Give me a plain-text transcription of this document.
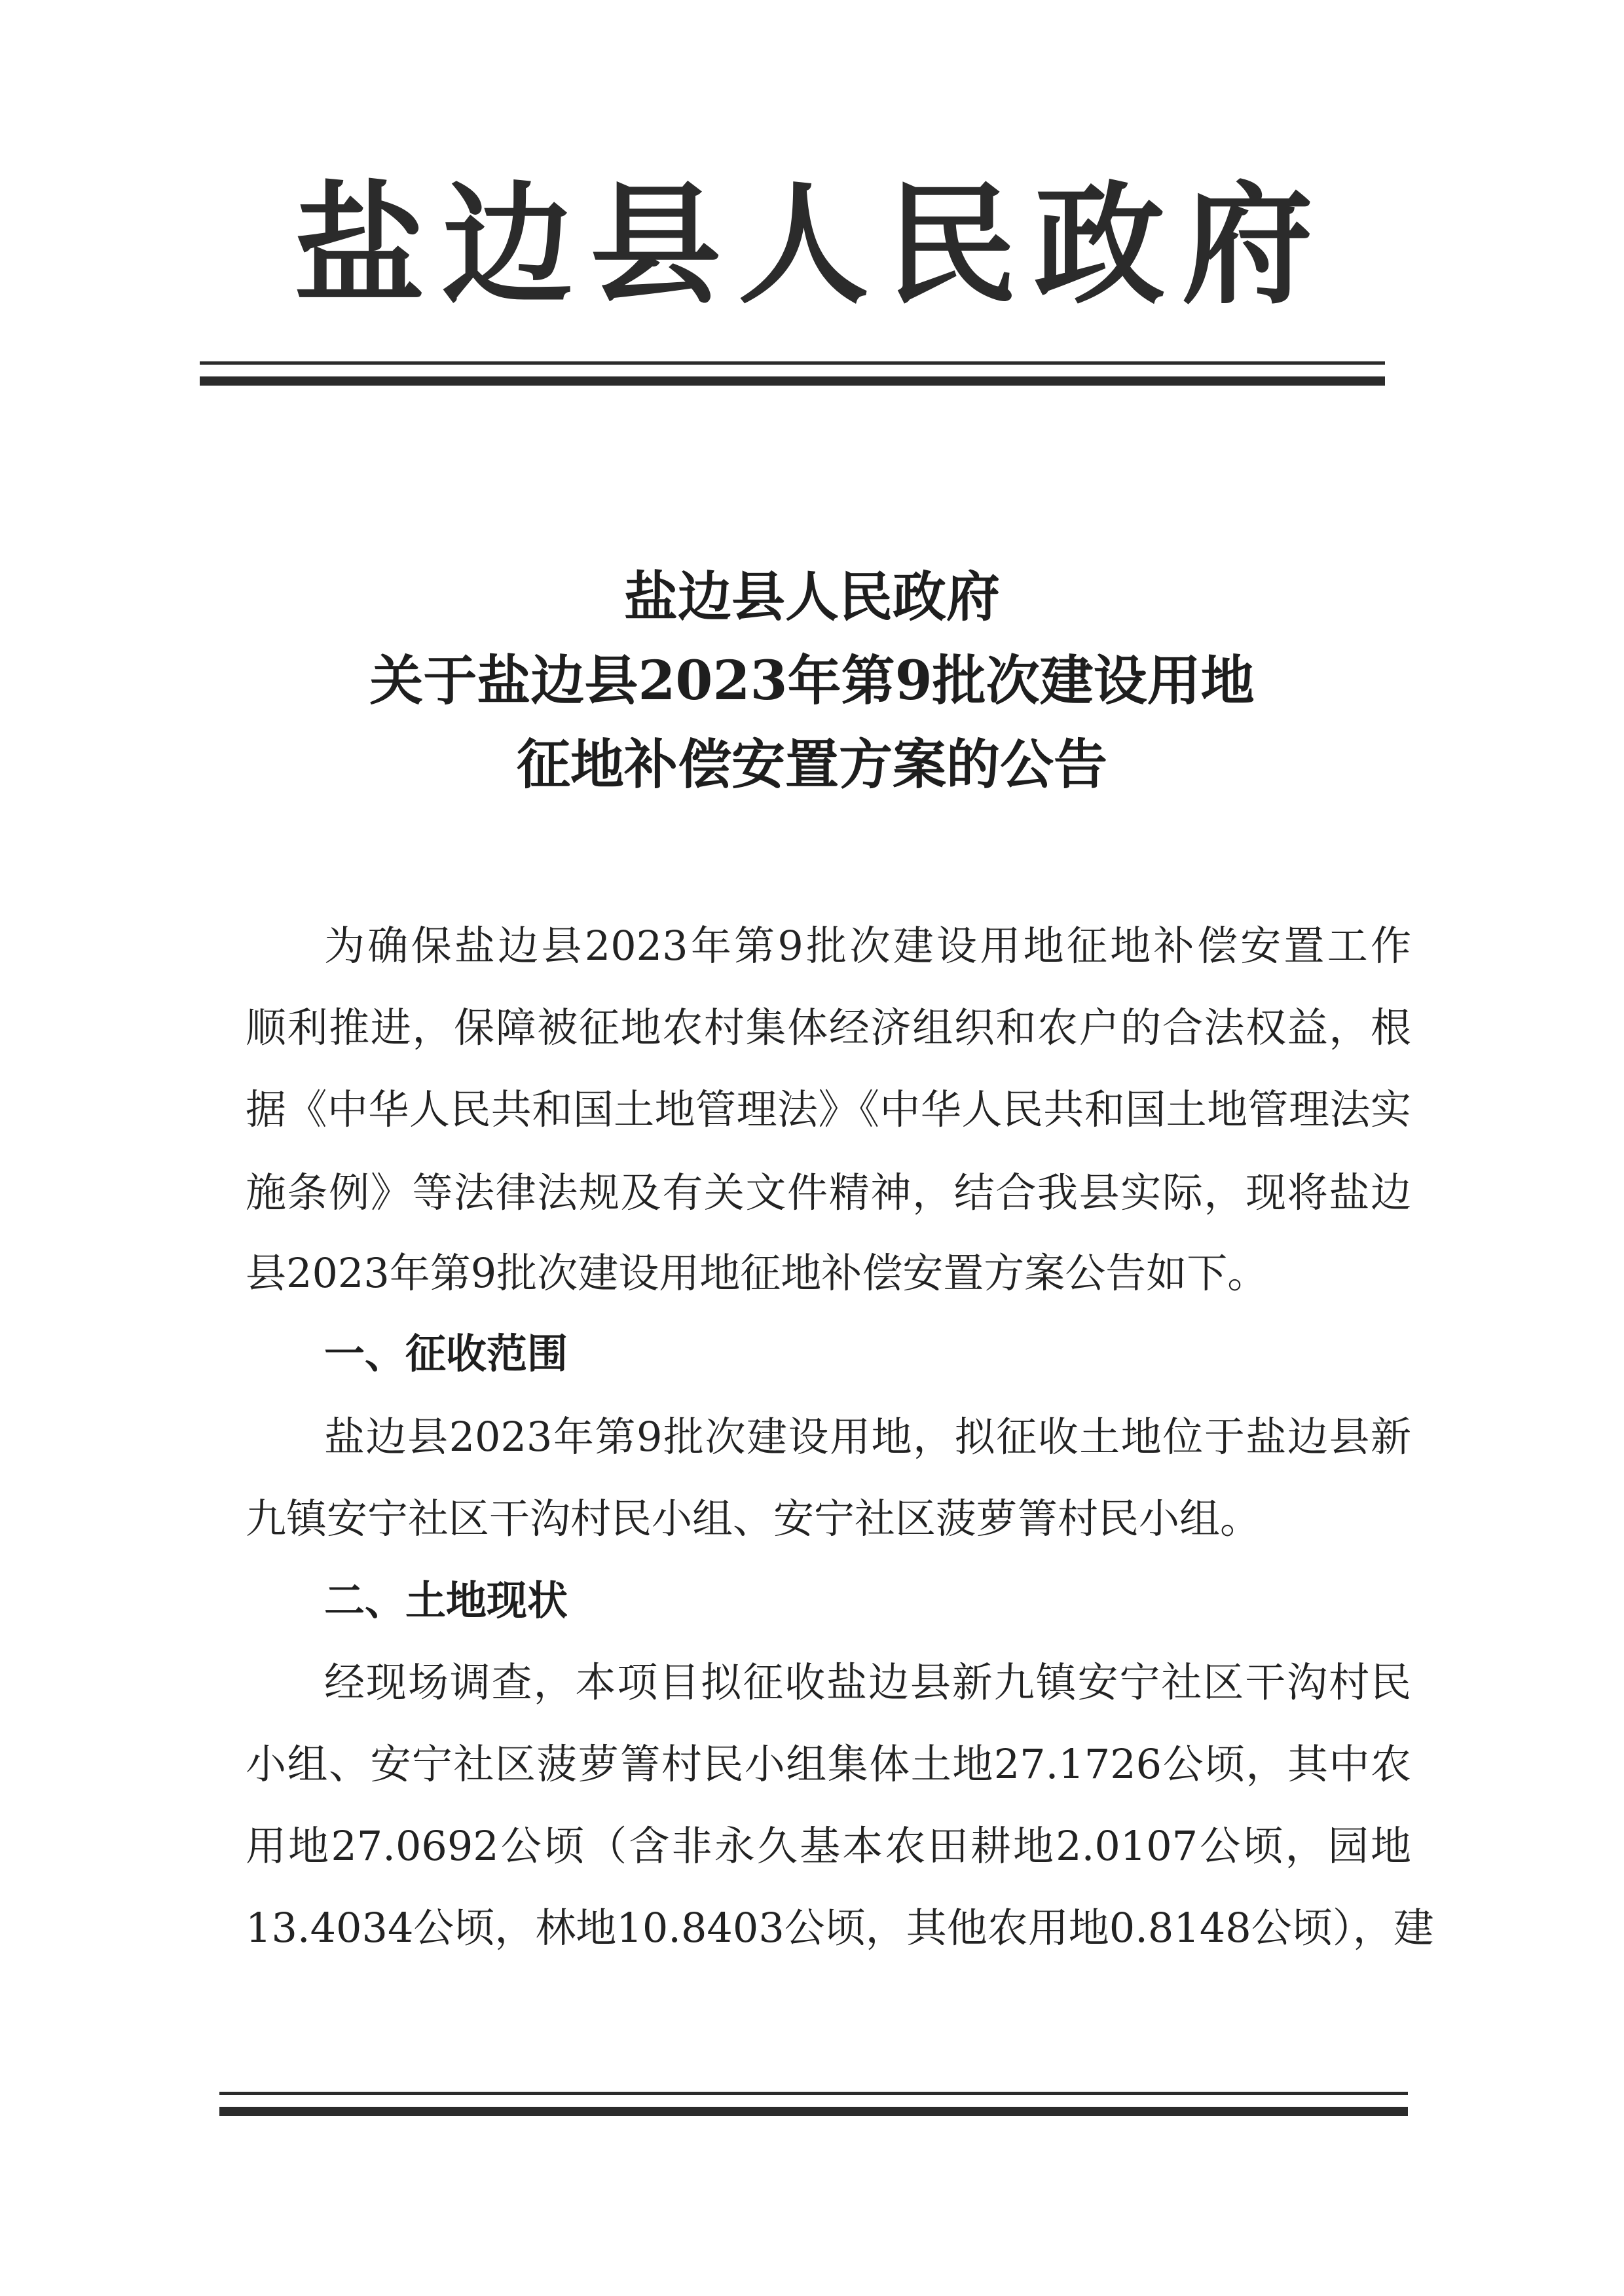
盐边县人民政府
盐边县人民政府
关于盐边县2023年第9批次建设用地
征地补偿安置方案的公告
为确保盐边县2023年第9批次建设用地征地补偿安置工作
顺利推进，保障被征地农村集体经济组织和农户的合法权益，根
据《中华人民共和国土地管理法》《中华人民共和国土地管理法实
施条例》等法律法规及有关文件精神，结合我县实际，现将盐边
县2023年第9批次建设用地征地补偿安置方案公告如下。
一、征收范围
盐边县2023年第9批次建设用地，拟征收土地位于盐边县新
九镇安宁社区干沟村民小组、安宁社区菠萝箐村民小组。
二、土地现状
经现场调查，本项目拟征收盐边县新九镇安宁社区干沟村民
小组、安宁社区菠萝箐村民小组集体土地27.1726公顷，其中农
用地27.0692公顷（含非永久基本农田耕地2.0107公顷，园地
13.4034公顷，林地10.8403公顷，其他农用地0.8148公顷），建
